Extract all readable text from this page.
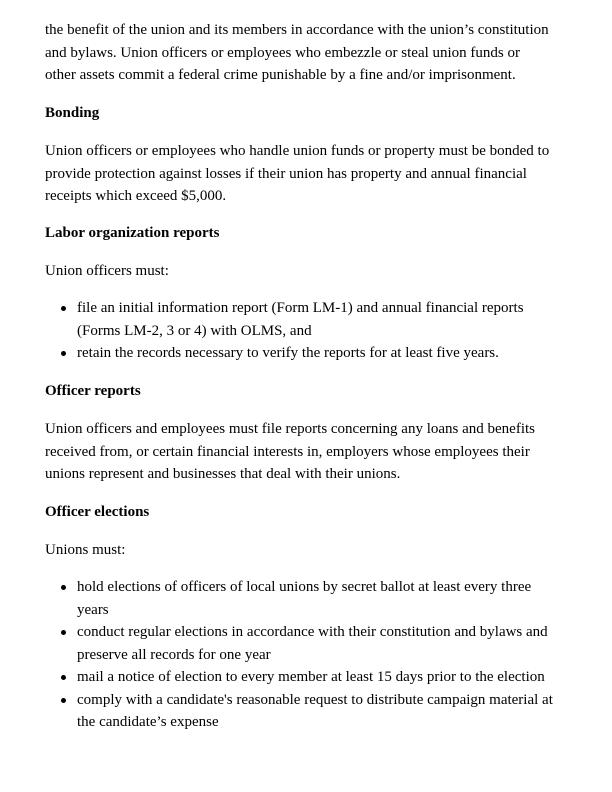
the benefit of the union and its members in accordance with the union’s constitution
and bylaws. Union officers or employees who embezzle or steal union funds or
other assets commit a federal crime punishable by a fine and/or imprisonment.

Bonding

Union officers or employees who handle union funds or property must be bonded to
provide protection against losses if their union has property and annual financial
receipts which exceed $5,000.

Labor organization reports

Union officers must:

file an initial information report (Form LM-1) and annual financial reports
(Forms LM-2, 3 or 4) with OLMS, and
retain the records necessary to verify the reports for at least five years.
Officer reports

Union officers and employees must file reports concerning any loans and benefits
received from, or certain financial interests in, employers whose employees their
unions represent and businesses that deal with their unions.

Officer elections

Unions must:

hold elections of officers of local unions by secret ballot at least every three
years
conduct regular elections in accordance with their constitution and bylaws and
preserve all records for one year
mail a notice of election to every member at least 15 days prior to the election
comply with a candidate's reasonable request to distribute campaign material at
the candidate’s expense
